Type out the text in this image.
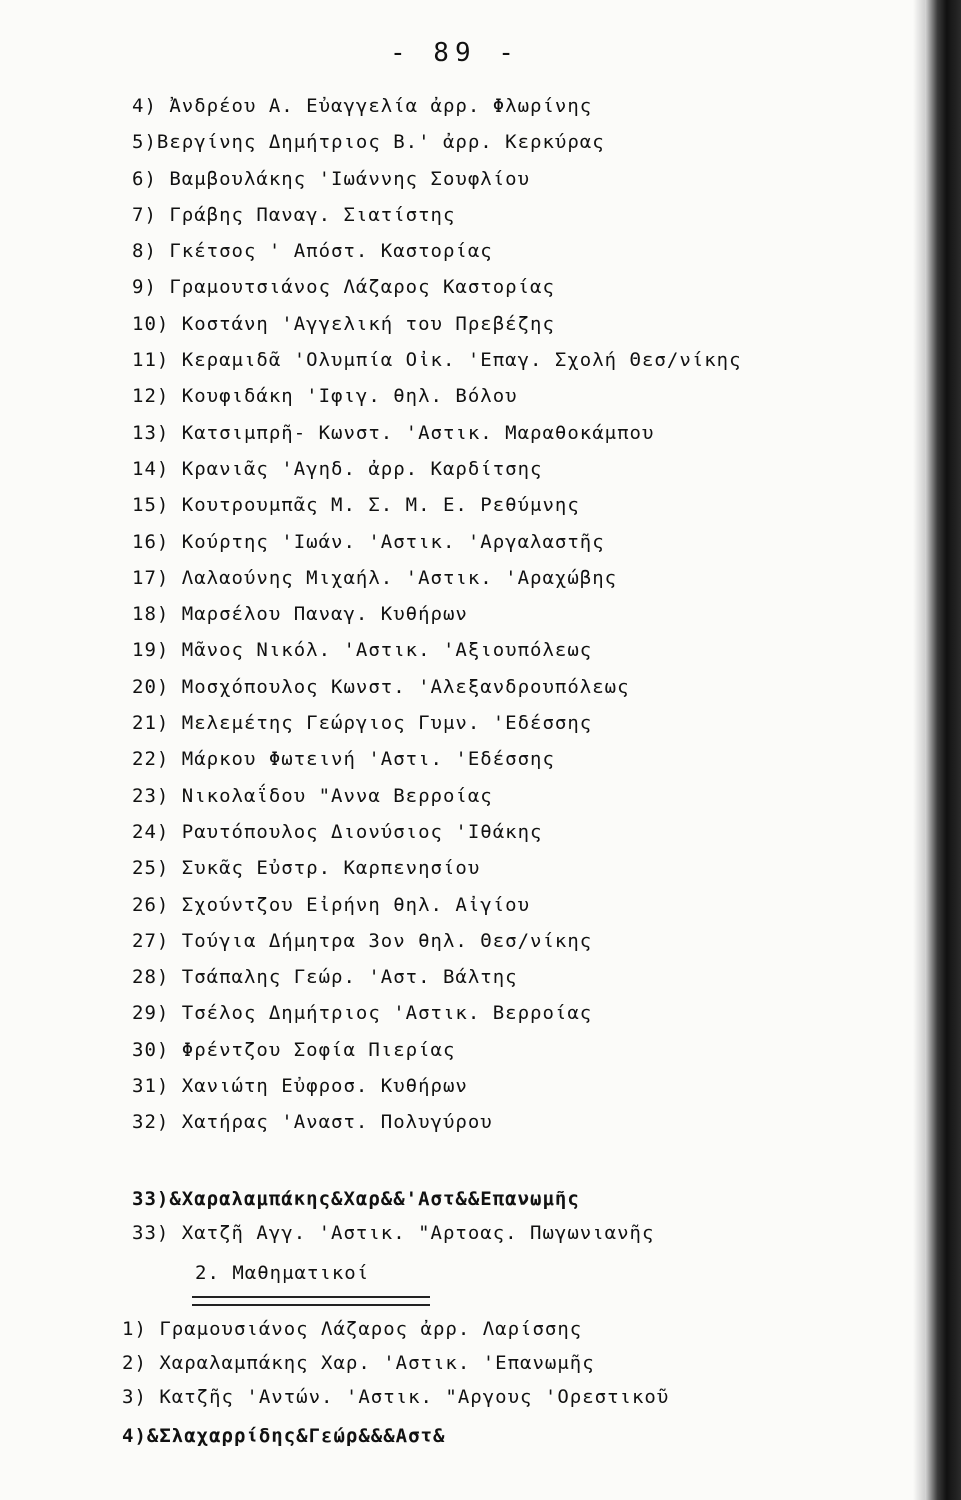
- 89 -
4) Ἀνδρέου Α. Εὐαγγελία ἀρρ. Φλωρίνης
5)Βεργίνης Δημήτριος Β.' ἀρρ. Κερκύρας
6) Βαμβουλάκης 'Ιωάννης Σουφλίου
7) Γράβης Παναγ. Σιατίστης
8) Γκέτσος ' Απόστ. Καστορίας
9) Γραμουτσιάνος Λάζαρος Καστορίας
10) Κοστάνη 'Αγγελική του Πρεβέζης
11) Κεραμιδᾶ 'Ολυμπία Οἰκ. 'Επαγ. Σχολή Θεσ/νίκης
12) Κουφιδάκη 'Ιφιγ. θηλ. Βόλου
13) Κατσιμπρῆ- Κωνστ. 'Αστικ. Μαραθοκάμπου
14) Κρανιᾶς 'Αγηδ. ἀρρ. Καρδίτσης
15) Κουτρουμπᾶς Μ. Σ. Μ. Ε. Ρεθύμνης
16) Κούρτης 'Ιωάν. 'Αστικ. 'Αργαλαστῆς
17) Λαλαούνης Μιχαήλ. 'Αστικ. 'Αραχώβης
18) Μαρσέλου Παναγ. Κυθήρων
19) Μᾶνος Νικόλ. 'Αστικ. 'Αξιουπόλεως
20) Μοσχόπουλος Κωνστ. 'Αλεξανδρουπόλεως
21) Μελεμέτης Γεώργιος Γυμν. 'Εδέσσης
22) Μάρκου Φωτεινή 'Αστι. 'Εδέσσης
23) Νικολαΐδου "Αννα Βερροίας
24) Ραυτόπουλος Διονύσιος 'Ιθάκης
25) Συκᾶς Εὐστρ. Καρπενησίου
26) Σχούντζου Εἰρήνη θηλ. Αἰγίου
27) Τούγια Δήμητρα 3ον θηλ. Θεσ/νίκης
28) Τσάπαλης Γεώρ. 'Αστ. Βάλτης
29) Τσέλος Δημήτριος 'Αστικ. Βερροίας
30) Φρέντζου Σοφία Πιερίας
31) Χανιώτη Εὐφροσ. Κυθήρων
32) Χατήρας 'Αναστ. Πολυγύρου
33)&Χαραλαμπάκης&Χαρ&&'Αστ&&Επανωμῆς
33) Χατζῆ Αγγ. 'Αστικ. "Αρτοας. Πωγωνιανῆς
2. Μαθηματικοί
1) Γραμουσιάνος Λάζαρος ἀρρ. Λαρίσσης
2) Χαραλαμπάκης Χαρ. 'Αστικ. 'Επανωμῆς
3) Κατζῆς 'Αντών. 'Αστικ. "Αργους 'Ορεστικοῦ
4)&Σλαχαρρίδης&Γεώρ&&&Αστ&
